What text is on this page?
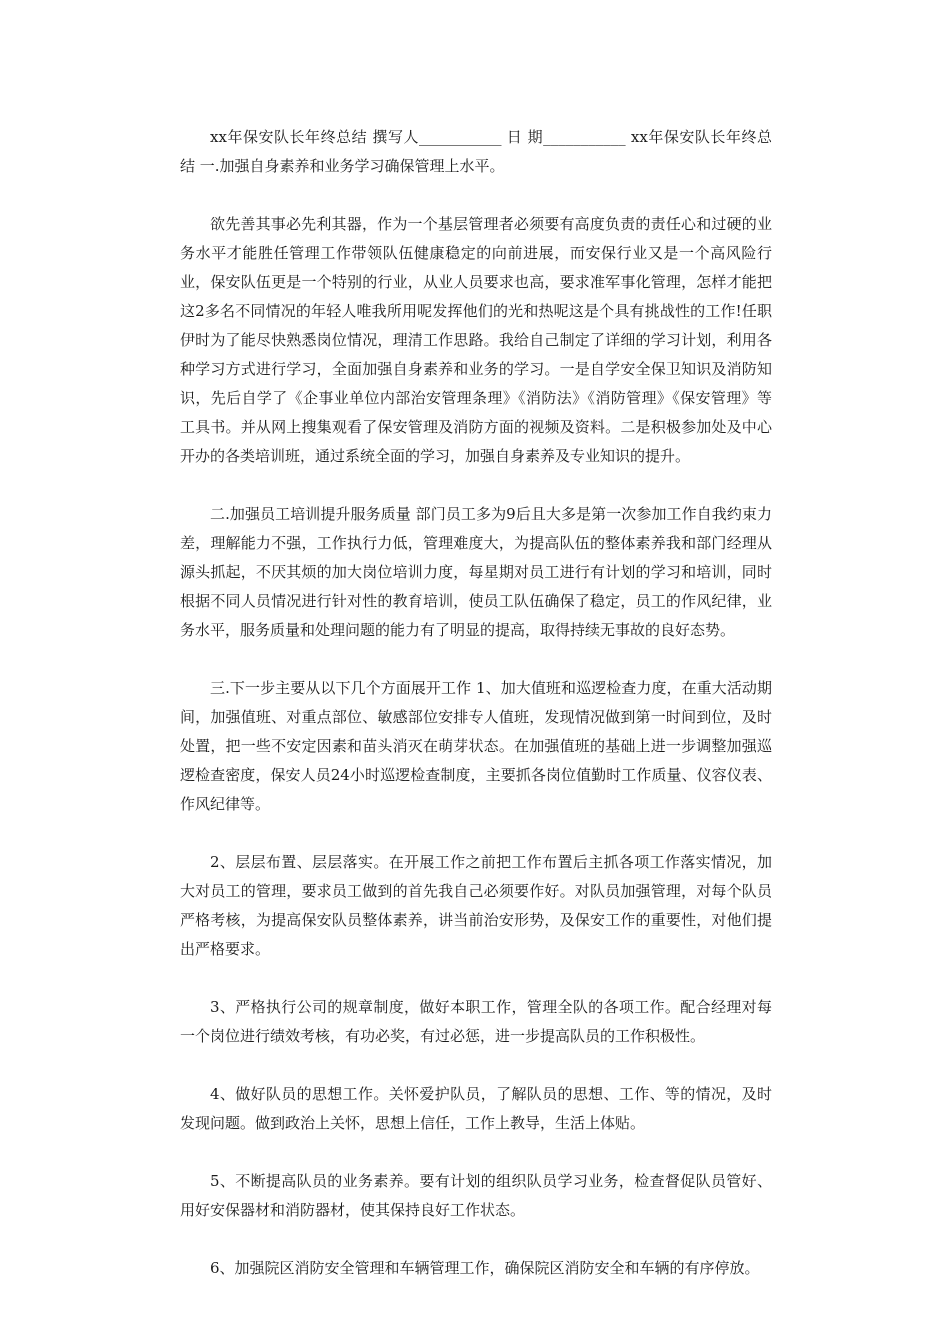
xx年保安队长年终总结 撰写人___________ 日 期___________ xx年保安队长年终总结 一.加强自身素养和业务学习确保管理上水平。

欲先善其事必先利其器，作为一个基层管理者必须要有高度负责的责任心和过硬的业务水平才能胜任管理工作带领队伍健康稳定的向前进展，而安保行业又是一个高风险行业，保安队伍更是一个特别的行业，从业人员要求也高，要求准军事化管理，怎样才能把这2多名不同情况的年轻人唯我所用呢发挥他们的光和热呢这是个具有挑战性的工作!任职伊时为了能尽快熟悉岗位情况，理清工作思路。我给自己制定了详细的学习计划，利用各种学习方式进行学习，全面加强自身素养和业务的学习。一是自学安全保卫知识及消防知识，先后自学了《企事业单位内部治安管理条理》《消防法》《消防管理》《保安管理》等工具书。并从网上搜集观看了保安管理及消防方面的视频及资料。二是积极参加处及中心开办的各类培训班，通过系统全面的学习，加强自身素养及专业知识的提升。

二.加强员工培训提升服务质量 部门员工多为9后且大多是第一次参加工作自我约束力差，理解能力不强，工作执行力低，管理难度大，为提高队伍的整体素养我和部门经理从源头抓起，不厌其烦的加大岗位培训力度，每星期对员工进行有计划的学习和培训，同时根据不同人员情况进行针对性的教育培训，使员工队伍确保了稳定，员工的作风纪律，业务水平，服务质量和处理问题的能力有了明显的提高，取得持续无事故的良好态势。

三.下一步主要从以下几个方面展开工作 1、加大值班和巡逻检查力度，在重大活动期间，加强值班、对重点部位、敏感部位安排专人值班，发现情况做到第一时间到位，及时处置，把一些不安定因素和苗头消灭在萌芽状态。在加强值班的基础上进一步调整加强巡逻检查密度，保安人员24小时巡逻检查制度，主要抓各岗位值勤时工作质量、仪容仪表、作风纪律等。

2、层层布置、层层落实。在开展工作之前把工作布置后主抓各项工作落实情况，加大对员工的管理，要求员工做到的首先我自己必须要作好。对队员加强管理，对每个队员严格考核，为提高保安队员整体素养，讲当前治安形势，及保安工作的重要性，对他们提出严格要求。

3、严格执行公司的规章制度，做好本职工作，管理全队的各项工作。配合经理对每一个岗位进行绩效考核，有功必奖，有过必惩，进一步提高队员的工作积极性。

4、做好队员的思想工作。关怀爱护队员，了解队员的思想、工作、等的情况，及时发现问题。做到政治上关怀，思想上信任，工作上教导，生活上体贴。

5、不断提高队员的业务素养。要有计划的组织队员学习业务，检查督促队员管好、用好安保器材和消防器材，使其保持良好工作状态。

6、加强院区消防安全管理和车辆管理工作，确保院区消防安全和车辆的有序停放。
